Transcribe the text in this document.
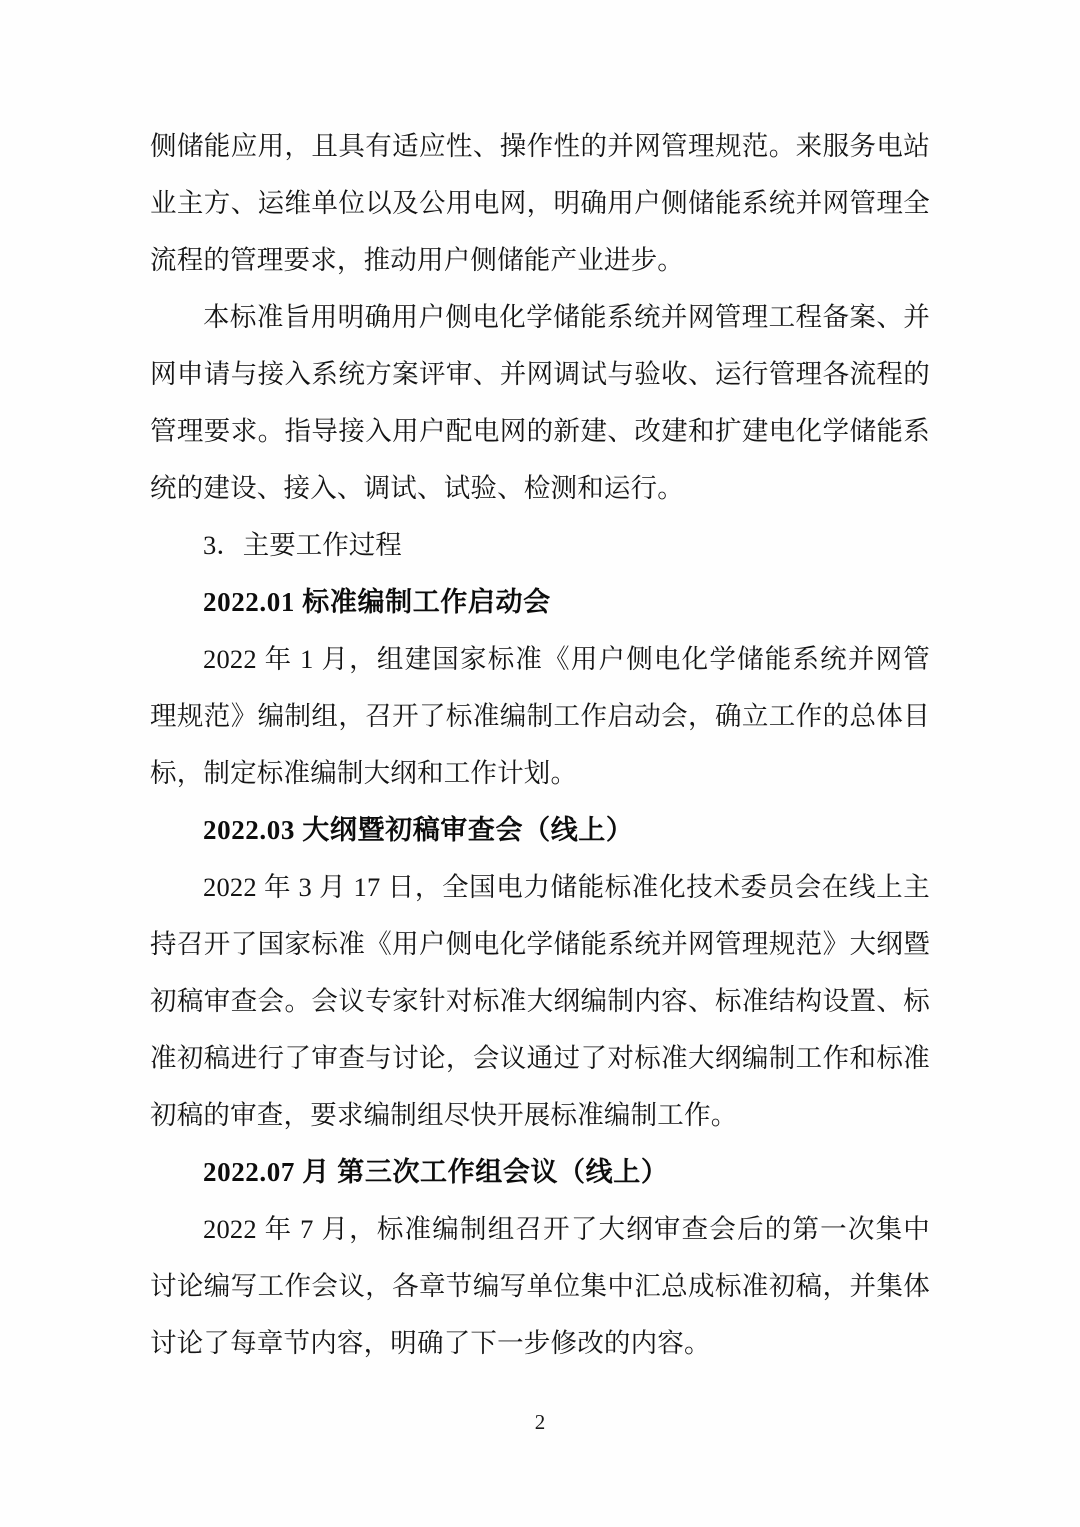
侧储能应用，且具有适应性、操作性的并网管理规范。来服务电站业主方、运维单位以及公用电网，明确用户侧储能系统并网管理全流程的管理要求，推动用户侧储能产业进步。

本标准旨用明确用户侧电化学储能系统并网管理工程备案、并网申请与接入系统方案评审、并网调试与验收、运行管理各流程的管理要求。指导接入用户配电网的新建、改建和扩建电化学储能系统的建设、接入、调试、试验、检测和运行。

3．主要工作过程

2022.01 标准编制工作启动会

2022 年 1 月，组建国家标准《用户侧电化学储能系统并网管理规范》编制组，召开了标准编制工作启动会，确立工作的总体目标，制定标准编制大纲和工作计划。

2022.03 大纲暨初稿审查会（线上）

2022 年 3 月 17 日，全国电力储能标准化技术委员会在线上主持召开了国家标准《用户侧电化学储能系统并网管理规范》大纲暨初稿审查会。会议专家针对标准大纲编制内容、标准结构设置、标准初稿进行了审查与讨论，会议通过了对标准大纲编制工作和标准初稿的审查，要求编制组尽快开展标准编制工作。

2022.07 月 第三次工作组会议（线上）

2022 年 7 月，标准编制组召开了大纲审查会后的第一次集中讨论编写工作会议，各章节编写单位集中汇总成标准初稿，并集体讨论了每章节内容，明确了下一步修改的内容。

2
